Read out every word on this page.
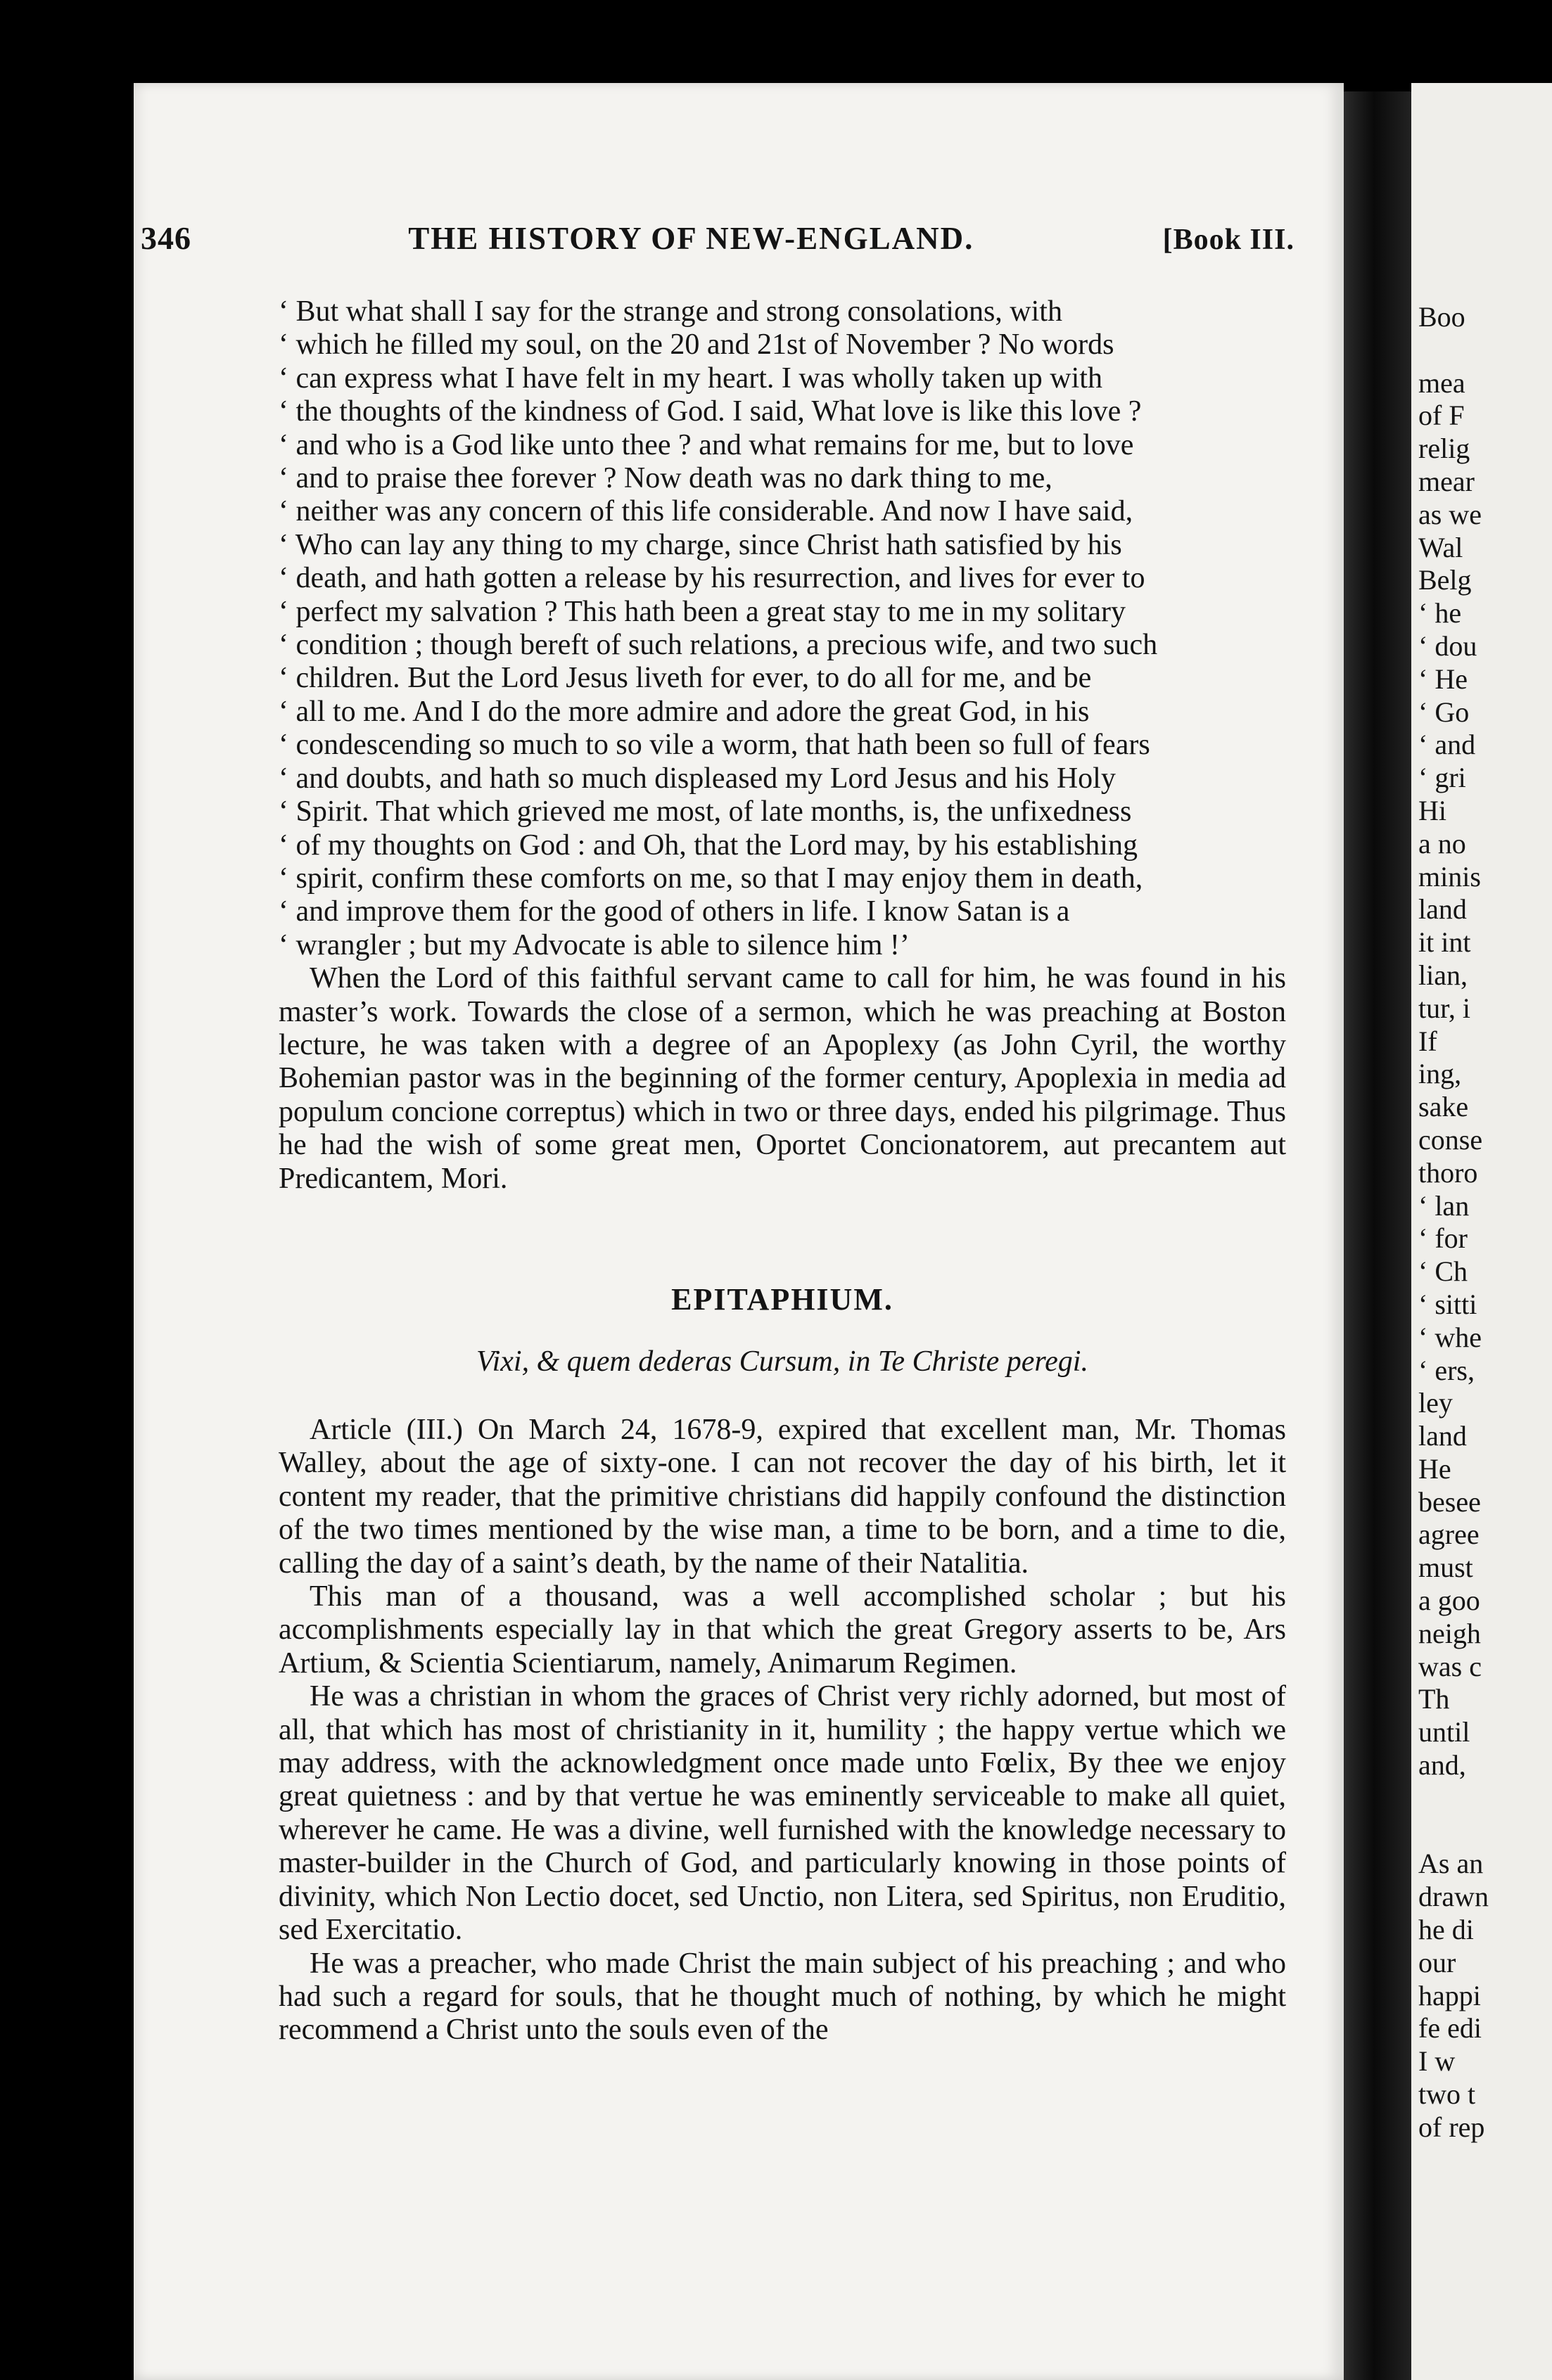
Boo
mea
of F
relig
mear
as we
Wal
Belg
‘ he
‘ dou
‘ He
‘ Go
‘ and
‘ gri
Hi
a no
minis
land
it int
lian,
tur, i
If
ing,
sake
conse
thoro
‘ lan
‘ for
‘ Ch
‘ sitti
‘ whe
‘ ers,
ley
land
He
besee
agree
must
a goo
neigh
was c
Th
until
and,
As an
drawn
he di
our
happi
fe edi
I w
two t
of rep
346	THE HISTORY OF NEW-ENGLAND.	[Book III.

‘ But what shall I say for the strange and strong consolations, with

‘ which he filled my soul, on the 20 and 21st of November ? No words

‘ can express what I have felt in my heart. I was wholly taken up with

‘ the thoughts of the kindness of God. I said, What love is like this love ?

‘ and who is a God like unto thee ? and what remains for me, but to love

‘ and to praise thee forever ? Now death was no dark thing to me,

‘ neither was any concern of this life considerable. And now I have said,

‘ Who can lay any thing to my charge, since Christ hath satisfied by his

‘ death, and hath gotten a release by his resurrection, and lives for ever to

‘ perfect my salvation ? This hath been a great stay to me in my solitary

‘ condition ; though bereft of such relations, a precious wife, and two such

‘ children. But the Lord Jesus liveth for ever, to do all for me, and be

‘ all to me. And I do the more admire and adore the great God, in his

‘ condescending so much to so vile a worm, that hath been so full of fears

‘ and doubts, and hath so much displeased my Lord Jesus and his Holy

‘ Spirit. That which grieved me most, of late months, is, the unfixedness

‘ of my thoughts on God : and Oh, that the Lord may, by his establishing

‘ spirit, confirm these comforts on me, so that I may enjoy them in death,

‘ and improve them for the good of others in life. I know Satan is a

‘ wrangler ; but my Advocate is able to silence him !’

When the Lord of this faithful servant came to call for him, he was found in his master’s work. Towards the close of a sermon, which he was preaching at Boston lecture, he was taken with a degree of an Apoplexy (as John Cyril, the worthy Bohemian pastor was in the beginning of the former century, Apoplexia in media ad populum concione correptus) which in two or three days, ended his pilgrimage. Thus he had the wish of some great men, Oportet Concionatorem, aut precantem aut Predicantem, Mori.

EPITAPHIUM.
Vixi, & quem dederas Cursum, in Te Christe peregi.

Article (III.) On March 24, 1678-9, expired that excellent man, Mr. Thomas Walley, about the age of sixty-one. I can not recover the day of his birth, let it content my reader, that the primitive christians did happily confound the distinction of the two times mentioned by the wise man, a time to be born, and a time to die, calling the day of a saint’s death, by the name of their Natalitia.

This man of a thousand, was a well accomplished scholar ; but his accomplishments especially lay in that which the great Gregory asserts to be, Ars Artium, & Scientia Scientiarum, namely, Animarum Regimen.

He was a christian in whom the graces of Christ very richly adorned, but most of all, that which has most of christianity in it, humility ; the happy vertue which we may address, with the acknowledgment once made unto Fœlix, By thee we enjoy great quietness : and by that vertue he was eminently serviceable to make all quiet, wherever he came. He was a divine, well furnished with the knowledge necessary to master-builder in the Church of God, and particularly knowing in those points of divinity, which Non Lectio docet, sed Unctio, non Litera, sed Spiritus, non Eruditio, sed Exercitatio.

He was a preacher, who made Christ the main subject of his preaching ; and who had such a regard for souls, that he thought much of nothing, by which he might recommend a Christ unto the souls even of the
